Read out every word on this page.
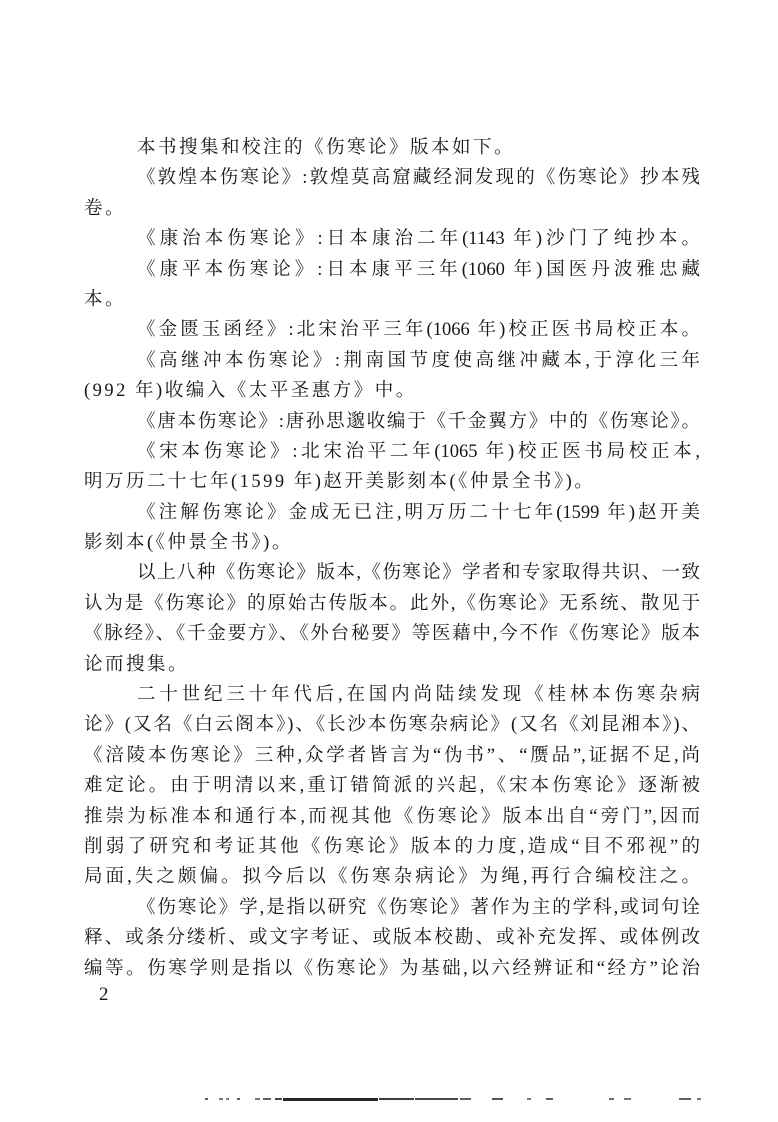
本书搜集和校注的《伤寒论》版本如下。
《敦煌本伤寒论》:敦煌莫高窟藏经洞发现的《伤寒论》抄本残
卷。
《康治本伤寒论》:日本康治二年(1143 年)沙门了纯抄本。
《康平本伤寒论》:日本康平三年(1060 年)国医丹波雅忠藏
本。
《金匮玉函经》:北宋治平三年(1066 年)校正医书局校正本。
《高继冲本伤寒论》:荆南国节度使高继冲藏本,于淳化三年
(992 年)收编入《太平圣惠方》中。
《唐本伤寒论》:唐孙思邈收编于《千金翼方》中的《伤寒论》。
《宋本伤寒论》:北宋治平二年(1065 年)校正医书局校正本,
明万历二十七年(1599 年)赵开美影刻本(《仲景全书》)。
《注解伤寒论》金成无已注,明万历二十七年(1599 年)赵开美
影刻本(《仲景全书》)。
以上八种《伤寒论》版本,《伤寒论》学者和专家取得共识、一致
认为是《伤寒论》的原始古传版本。此外,《伤寒论》无系统、散见于
《脉经》、《千金要方》、《外台秘要》等医藉中,今不作《伤寒论》版本
论而搜集。
二十世纪三十年代后,在国内尚陆续发现《桂林本伤寒杂病
论》(又名《白云阁本》)、《长沙本伤寒杂病论》(又名《刘昆湘本》)、
《涪陵本伤寒论》三种,众学者皆言为“伪书”、“赝品”,证据不足,尚
难定论。由于明清以来,重订错简派的兴起,《宋本伤寒论》逐渐被
推崇为标准本和通行本,而视其他《伤寒论》版本出自“旁门”,因而
削弱了研究和考证其他《伤寒论》版本的力度,造成“目不邪视”的
局面,失之颇偏。拟今后以《伤寒杂病论》为绳,再行合编校注之。
《伤寒论》学,是指以研究《伤寒论》著作为主的学科,或词句诠
释、或条分缕析、或文字考证、或版本校勘、或补充发挥、或体例改
编等。伤寒学则是指以《伤寒论》为基础,以六经辨证和“经方”论治
2
